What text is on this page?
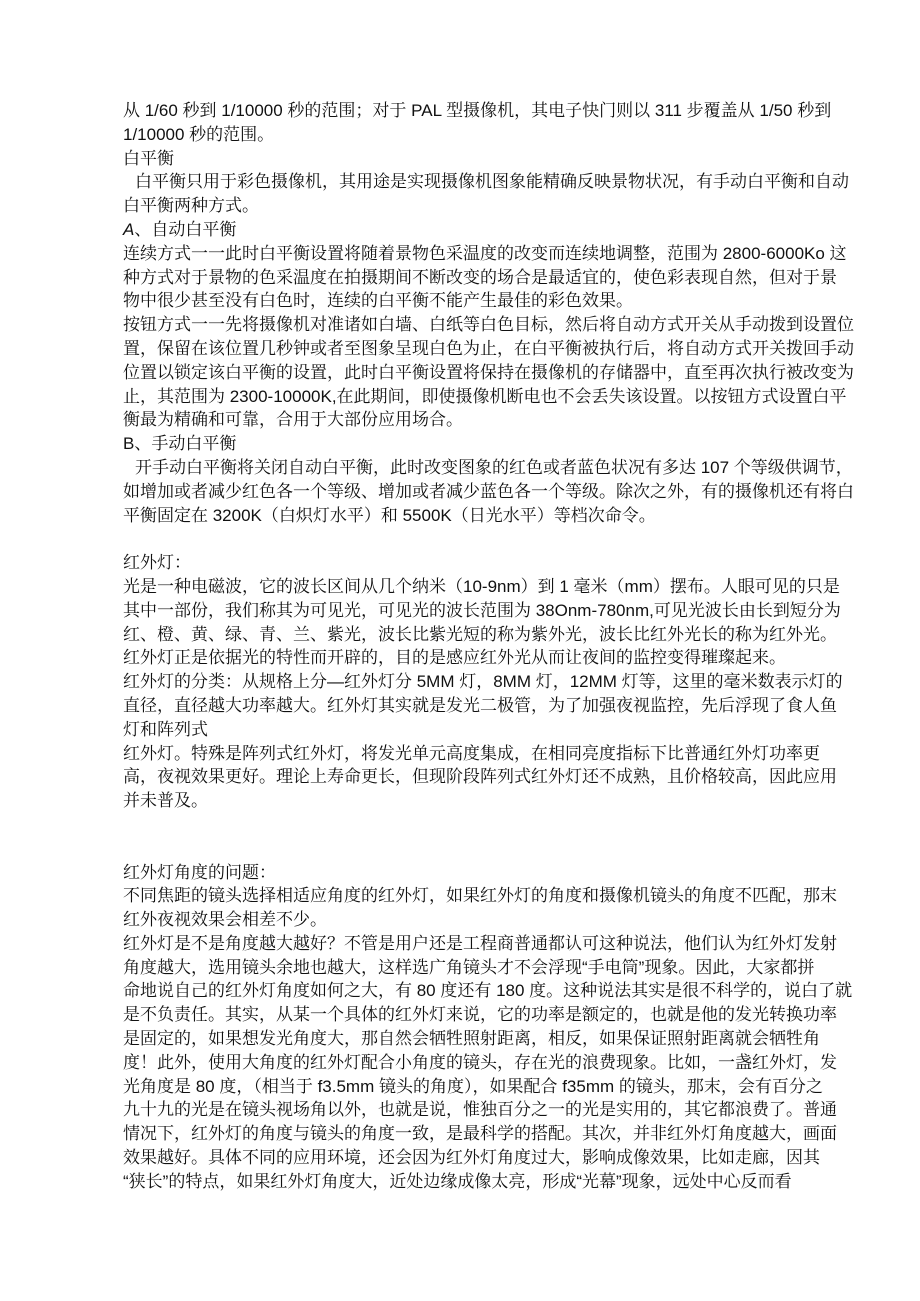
从 1/60 秒到 1/10000 秒的范围；对于 PAL 型摄像机，其电子快门则以 311 步覆盖从 1/50 秒到
1/10000 秒的范围。
白平衡
白平衡只用于彩色摄像机，其用途是实现摄像机图象能精确反映景物状况，有手动白平衡和自动
白平衡两种方式。
A、自动白平衡
连续方式一一此时白平衡设置将随着景物色采温度的改变而连续地调整，范围为 2800-6000Ko 这
种方式对于景物的色采温度在拍摄期间不断改变的场合是最适宜的，使色彩表现自然，但对于景
物中很少甚至没有白色时，连续的白平衡不能产生最佳的彩色效果。
按钮方式一一先将摄像机对准诸如白墙、白纸等白色目标，然后将自动方式开关从手动拨到设置位
置，保留在该位置几秒钟或者至图象呈现白色为止，在白平衡被执行后，将自动方式开关拨回手动
位置以锁定该白平衡的设置，此时白平衡设置将保持在摄像机的存储器中，直至再次执行被改变为
止，其范围为 2300-10000K,在此期间，即使摄像机断电也不会丢失该设置。以按钮方式设置白平
衡最为精确和可靠，合用于大部份应用场合。
B、手动白平衡
开手动白平衡将关闭自动白平衡，此时改变图象的红色或者蓝色状况有多达 107 个等级供调节，
如增加或者减少红色各一个等级、增加或者减少蓝色各一个等级。除次之外，有的摄像机还有将白
平衡固定在 3200K（白炽灯水平）和 5500K（日光水平）等档次命令。

红外灯：
光是一种电磁波，它的波长区间从几个纳米（10-9nm）到 1 毫米（mm）摆布。人眼可见的只是
其中一部份，我们称其为可见光，可见光的波长范围为 38Onm-780nm,可见光波长由长到短分为
红、橙、黄、绿、青、兰、紫光，波长比紫光短的称为紫外光，波长比红外光长的称为红外光。
红外灯正是依据光的特性而开辟的，目的是感应红外光从而让夜间的监控变得璀璨起来。
红外灯的分类：从规格上分—红外灯分 5MM 灯，8MM 灯，12MM 灯等，这里的毫米数表示灯的
直径，直径越大功率越大。红外灯其实就是发光二极管，为了加强夜视监控，先后浮现了食人鱼
灯和阵列式
红外灯。特殊是阵列式红外灯，将发光单元高度集成，在相同亮度指标下比普通红外灯功率更
高，夜视效果更好。理论上寿命更长，但现阶段阵列式红外灯还不成熟，且价格较高，因此应用
并未普及。

红外灯角度的问题：
不同焦距的镜头选择相适应角度的红外灯，如果红外灯的角度和摄像机镜头的角度不匹配，那末
红外夜视效果会相差不少。
红外灯是不是角度越大越好？不管是用户还是工程商普通都认可这种说法，他们认为红外灯发射
角度越大，选用镜头余地也越大，这样选广角镜头才不会浮现“手电筒”现象。因此，大家都拼
命地说自己的红外灯角度如何之大，有 80 度还有 180 度。这种说法其实是很不科学的，说白了就
是不负责任。其实，从某一个具体的红外灯来说，它的功率是额定的，也就是他的发光转换功率
是固定的，如果想发光角度大，那自然会牺牲照射距离，相反，如果保证照射距离就会牺牲角
度！此外，使用大角度的红外灯配合小角度的镜头，存在光的浪费现象。比如，一盏红外灯，发
光角度是 80 度，（相当于 f3.5mm 镜头的角度），如果配合 f35mm 的镜头，那末，会有百分之
九十九的光是在镜头视场角以外，也就是说，惟独百分之一的光是实用的，其它都浪费了。普通
情况下，红外灯的角度与镜头的角度一致，是最科学的搭配。其次，并非红外灯角度越大，画面
效果越好。具体不同的应用环境，还会因为红外灯角度过大，影响成像效果，比如走廊，因其
“狭长”的特点，如果红外灯角度大，近处边缘成像太亮，形成“光幕”现象，远处中心反而看
